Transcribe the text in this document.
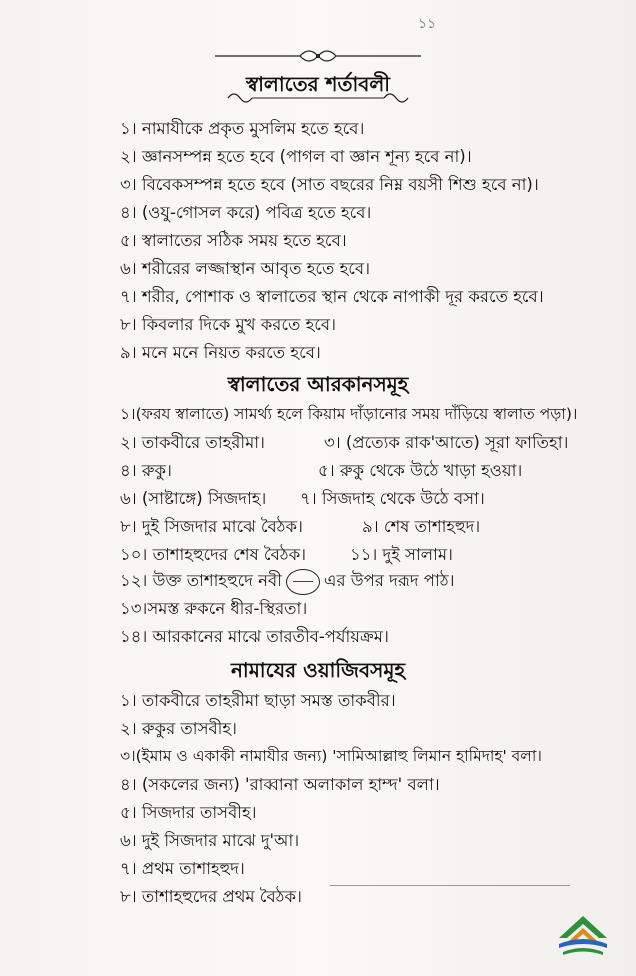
১১
স্বালাতের শর্তাবলী
১। নামাযীকে প্রকৃত মুসলিম হতে হবে।
২। জ্ঞানসম্পন্ন হতে হবে (পাগল বা জ্ঞান শূন্য হবে না)।
৩। বিবেকসম্পন্ন হতে হবে (সাত বছরের নিম্ন বয়সী শিশু হবে না)।
৪। (ওযু-গোসল করে) পবিত্র হতে হবে।
৫। স্বালাতের সঠিক সময় হতে হবে।
৬। শরীরের লজ্জাস্থান আবৃত হতে হবে।
৭। শরীর, পোশাক ও স্বালাতের স্থান থেকে নাপাকী দূর করতে হবে।
৮। কিবলার দিকে মুখ করতে হবে।
৯। মনে মনে নিয়ত করতে হবে।
স্বালাতের আরকানসমূহ
১।(ফরয স্বালাতে) সামর্থ্য হলে কিয়াম দাঁড়ানোর সময় দাঁড়িয়ে স্বালাত পড়া)।
২। তাকবীরে তাহরীমা।	৩। (প্রত্যেক রাক'আতে) সূরা ফাতিহা।
৪। রুকু।	৫। রুকু থেকে উঠে খাড়া হওয়া।
৬। (সাষ্টাঙ্গে) সিজদাহ। ৭। সিজদাহ থেকে উঠে বসা।
৮। দুই সিজদার মাঝে বৈঠক।	৯। শেষ তাশাহহুদ।
১০। তাশাহহুদের শেষ বৈঠক।	১১। দুই সালাম।
১২। উক্ত তাশাহহুদে নবী	এর উপর দরূদ পাঠ।
১৩।সমস্ত রুকনে ধীর-স্থিরতা।
১৪। আরকানের মাঝে তারতীব-পর্যায়ক্রম।
নামাযের ওয়াজিবসমূহ
১। তাকবীরে তাহরীমা ছাড়া সমস্ত তাকবীর।
২। রুকুর তাসবীহ।
৩।(ইমাম ও একাকী নামাযীর জন্য) 'সামিআল্লাহু লিমান হামিদাহ' বলা।
৪। (সকলের জন্য) 'রাব্বানা অলাকাল হাম্দ' বলা।
৫। সিজদার তাসবীহ।
৬। দুই সিজদার মাঝে দু'আ।
৭। প্রথম তাশাহহুদ।
৮। তাশাহহুদের প্রথম বৈঠক।
